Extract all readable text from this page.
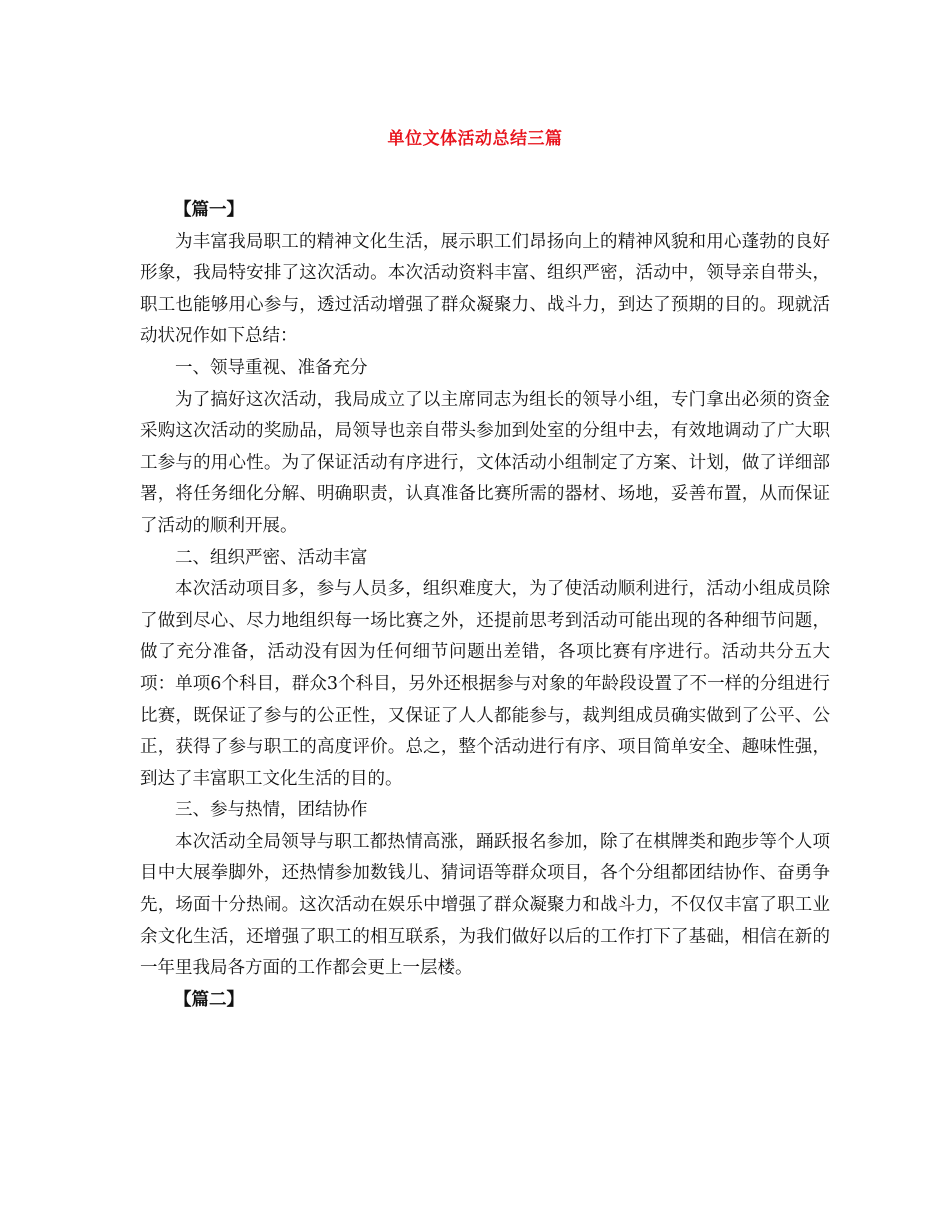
单位文体活动总结三篇
【篇一】

为丰富我局职工的精神文化生活，展示职工们昂扬向上的精神风貌和用心蓬勃的良好形象，我局特安排了这次活动。本次活动资料丰富、组织严密，活动中，领导亲自带头，职工也能够用心参与，透过活动增强了群众凝聚力、战斗力，到达了预期的目的。现就活动状况作如下总结：

一、领导重视、准备充分

为了搞好这次活动，我局成立了以主席同志为组长的领导小组，专门拿出必须的资金采购这次活动的奖励品，局领导也亲自带头参加到处室的分组中去，有效地调动了广大职工参与的用心性。为了保证活动有序进行，文体活动小组制定了方案、计划，做了详细部署，将任务细化分解、明确职责，认真准备比赛所需的器材、场地，妥善布置，从而保证了活动的顺利开展。

二、组织严密、活动丰富

本次活动项目多，参与人员多，组织难度大，为了使活动顺利进行，活动小组成员除了做到尽心、尽力地组织每一场比赛之外，还提前思考到活动可能出现的各种细节问题，做了充分准备，活动没有因为任何细节问题出差错，各项比赛有序进行。活动共分五大项：单项6个科目，群众3个科目，另外还根据参与对象的年龄段设置了不一样的分组进行比赛，既保证了参与的公正性，又保证了人人都能参与，裁判组成员确实做到了公平、公正，获得了参与职工的高度评价。总之，整个活动进行有序、项目简单安全、趣味性强，到达了丰富职工文化生活的目的。

三、参与热情，团结协作

本次活动全局领导与职工都热情高涨，踊跃报名参加，除了在棋牌类和跑步等个人项目中大展拳脚外，还热情参加数钱儿、猜词语等群众项目，各个分组都团结协作、奋勇争先，场面十分热闹。这次活动在娱乐中增强了群众凝聚力和战斗力，不仅仅丰富了职工业余文化生活，还增强了职工的相互联系，为我们做好以后的工作打下了基础，相信在新的一年里我局各方面的工作都会更上一层楼。

【篇二】
